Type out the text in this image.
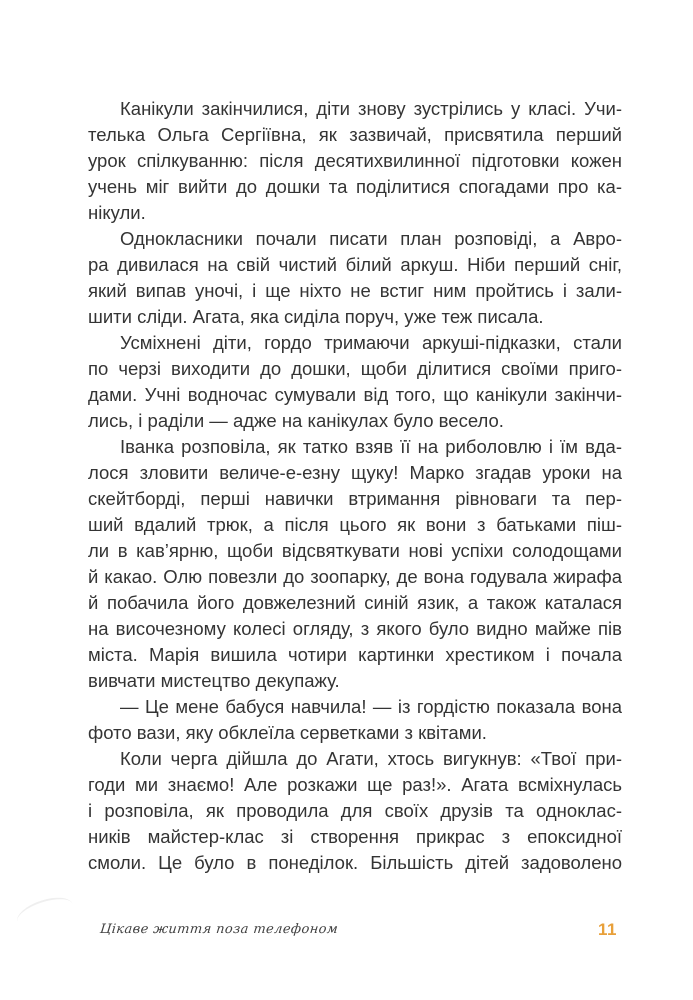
Канікули закінчилися, діти знову зустрілись у класі. Учи-
телька Ольга Сергіївна, як зазвичай, присвятила перший
урок спілкуванню: після десятихвилинної підготовки кожен
учень міг вийти до дошки та поділитися спогадами про ка-
нікули.
Однокласники почали писати план розповіді, а Авро-
ра дивилася на свій чистий білий аркуш. Ніби перший сніг,
який випав уночі, і ще ніхто не встиг ним пройтись і зали-
шити сліди. Агата, яка сиділа поруч, уже теж писала.
Усміхнені діти, гордо тримаючи аркуші-підказки, стали
по черзі виходити до дошки, щоби ділитися своїми приго-
дами. Учні водночас сумували від того, що канікули закінчи-
лись, і раділи — адже на канікулах було весело.
Іванка розповіла, як татко взяв її на риболовлю і їм вда-
лося зловити величе-е-езну щуку! Марко згадав уроки на
скейтборді, перші навички втримання рівноваги та пер-
ший вдалий трюк, а після цього як вони з батьками піш-
ли в кав’ярню, щоби відсвяткувати нові успіхи солодощами
й какао. Олю повезли до зоопарку, де вона годувала жирафа
й побачила його довжелезний синій язик, а також каталася
на височезному колесі огляду, з якого було видно майже пів
міста. Марія вишила чотири картинки хрестиком і почала
вивчати мистецтво декупажу.
— Це мене бабуся навчила! — із гордістю показала вона
фото вази, яку обклеїла серветками з квітами.
Коли черга дійшла до Агати, хтось вигукнув: «Твої при-
годи ми знаємо! Але розкажи ще раз!». Агата всміхнулась
і розповіла, як проводила для своїх друзів та одноклас-
ників майстер-клас зі створення прикрас з епоксидної
смоли. Це було в понеділок. Більшість дітей задоволено
Цікаве життя поза телефоном	11
